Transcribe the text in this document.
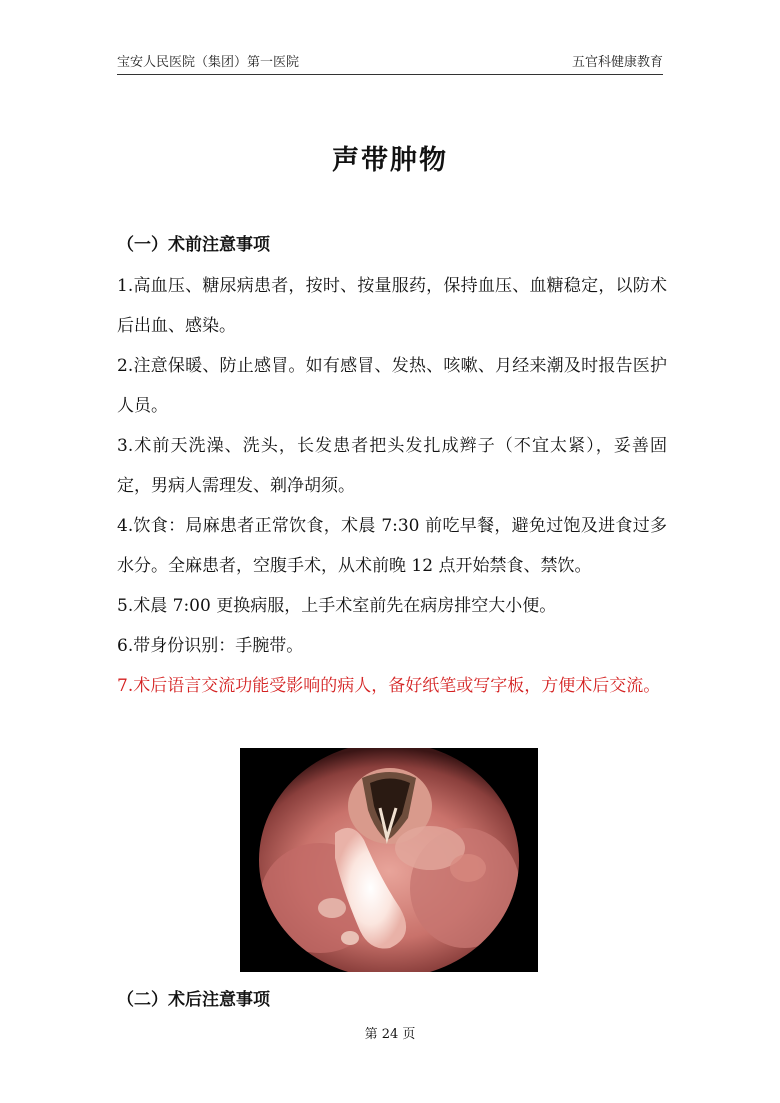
宝安人民医院（集团）第一医院	五官科健康教育
声带肿物
（一）术前注意事项

1.高血压、糖尿病患者，按时、按量服药，保持血压、血糖稳定，以防术后出血、感染。

2.注意保暖、防止感冒。如有感冒、发热、咳嗽、月经来潮及时报告医护人员。

3.术前天洗澡、洗头，长发患者把头发扎成辫子（不宜太紧），妥善固定，男病人需理发、剃净胡须。

4.饮食：局麻患者正常饮食，术晨 7:30 前吃早餐，避免过饱及进食过多水分。全麻患者，空腹手术，从术前晚 12 点开始禁食、禁饮。

5.术晨 7:00 更换病服，上手术室前先在病房排空大小便。

6.带身份识别：手腕带。

7.术后语言交流功能受影响的病人，备好纸笔或写字板，方便术后交流。

（二）术后注意事项
第 24 页
